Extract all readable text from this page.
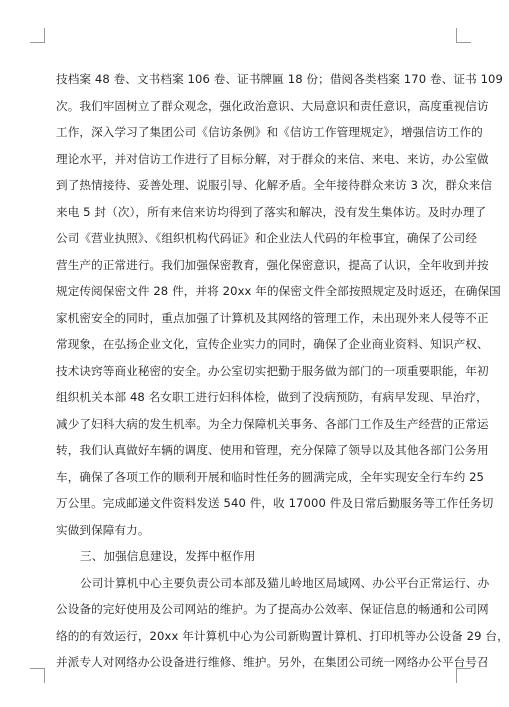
技档案 48 卷、文书档案 106 卷、证书牌匾 18 份；借阅各类档案 170 卷、证书 109
次。我们牢固树立了群众观念，强化政治意识、大局意识和责任意识，高度重视信访
工作，深入学习了集团公司《信访条例》和《信访工作管理规定》，增强信访工作的
理论水平，并对信访工作进行了目标分解，对于群众的来信、来电、来访，办公室做
到了热情接待、妥善处理、说服引导、化解矛盾。全年接待群众来访 3 次，群众来信
来电 5 封（次），所有来信来访均得到了落实和解决，没有发生集体访。及时办理了
公司《营业执照》、《组织机构代码证》和企业法人代码的年检事宜，确保了公司经
营生产的正常进行。我们加强保密教育，强化保密意识，提高了认识，全年收到并按
规定传阅保密文件 28 件，并将 20xx 年的保密文件全部按照规定及时返还，在确保国
家机密安全的同时，重点加强了计算机及其网络的管理工作，未出现外来人侵等不正
常现象，在弘扬企业文化，宣传企业实力的同时，确保了企业商业资料、知识产权、
技术诀窍等商业秘密的安全。办公室切实把勤于服务做为部门的一项重要职能，年初
组织机关本部 48 名女职工进行妇科体检，做到了没病预防，有病早发现、早治疗，
减少了妇科大病的发生机率。为全力保障机关事务、各部门工作及生产经营的正常运
转，我们认真做好车辆的调度、使用和管理，充分保障了领导以及其他各部门公务用
车，确保了各项工作的顺利开展和临时性任务的圆满完成，全年实现安全行车约 25
万公里。完成邮递文件资料发送 540 件，收 17000 件及日常后勤服务等工作任务切
实做到保障有力。
三、加强信息建设，发挥中枢作用
公司计算机中心主要负责公司本部及猫儿岭地区局域网、办公平台正常运行、办
公设备的完好使用及公司网站的维护。为了提高办公效率、保证信息的畅通和公司网
络的的有效运行，20xx 年计算机中心为公司新购置计算机、打印机等办公设备 29 台，
并派专人对网络办公设备进行维修、维护。另外，在集团公司统一网络办公平台号召
